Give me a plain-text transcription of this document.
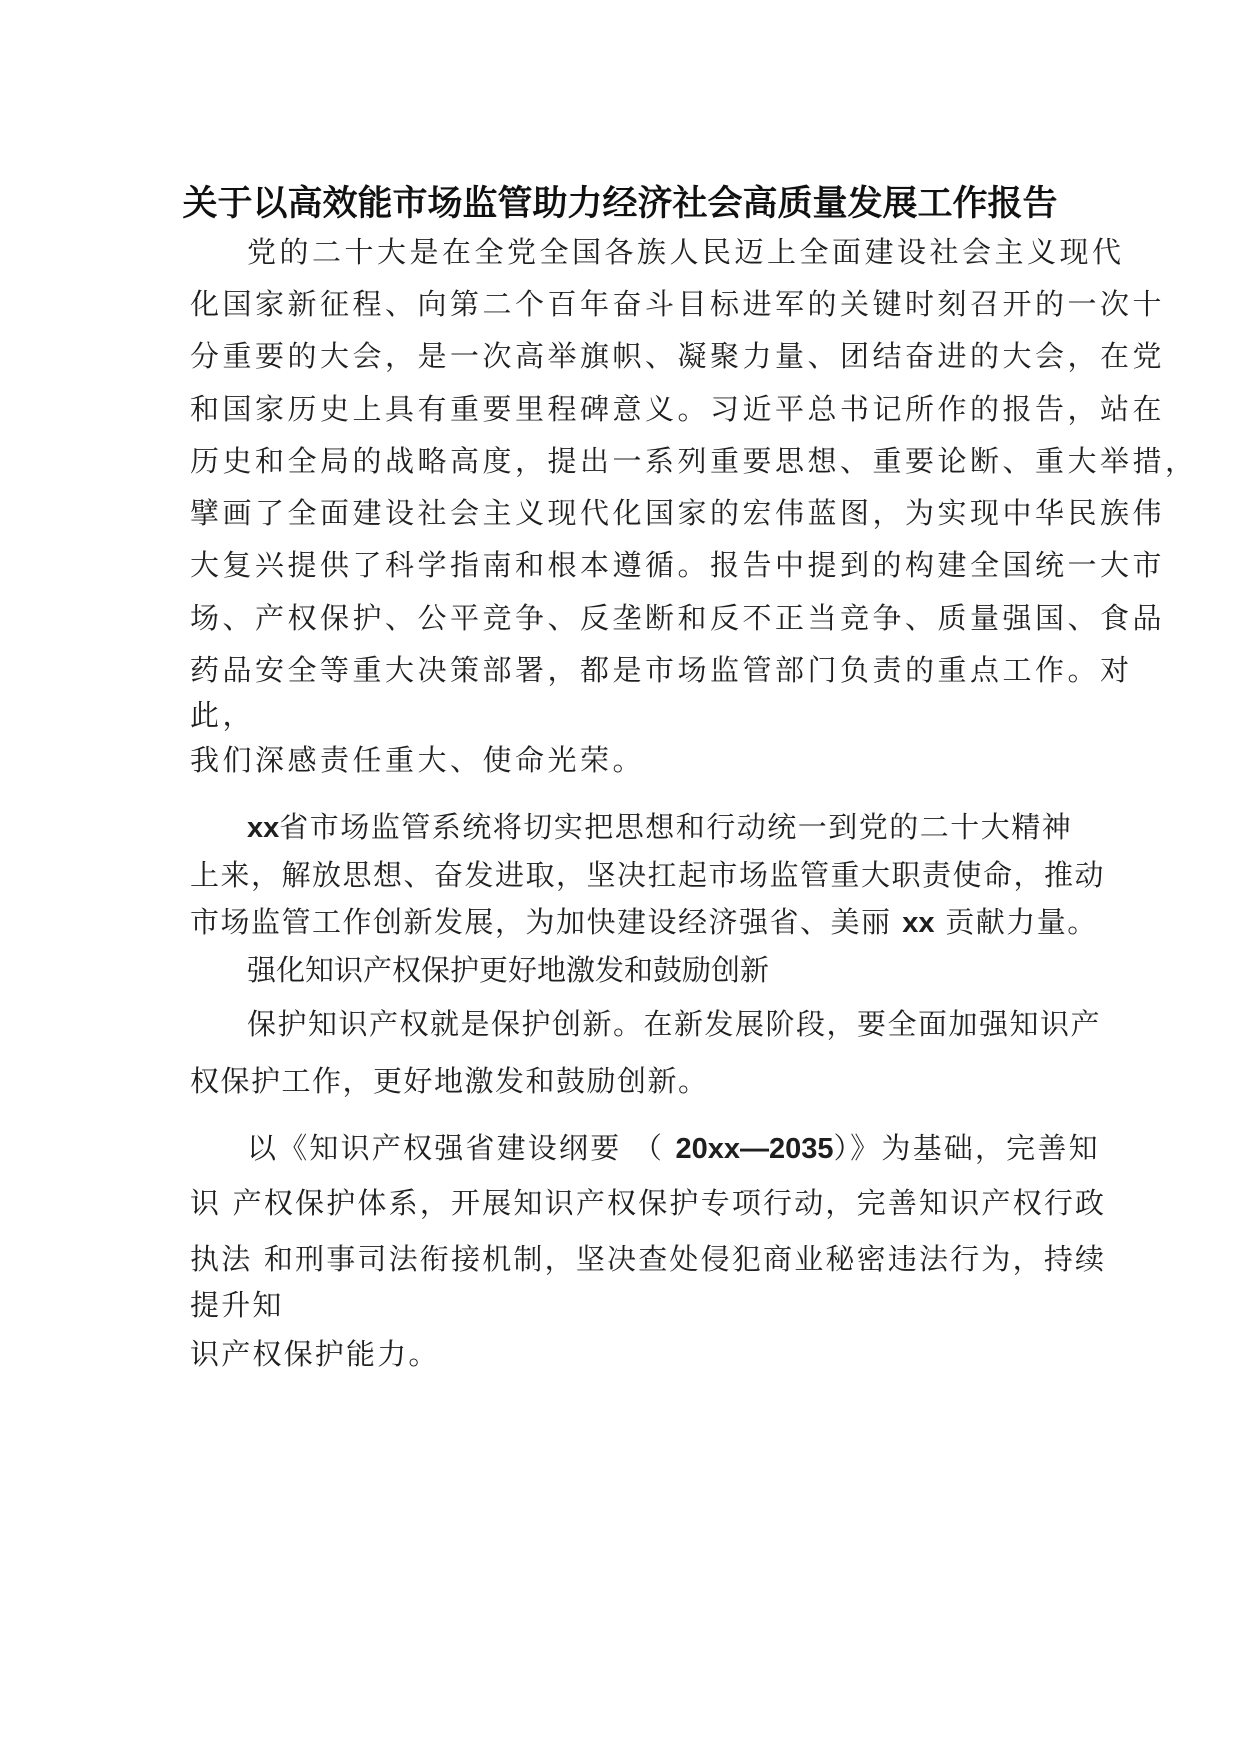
关于以高效能市场监管助力经济社会高质量发展工作报告
党的二十大是在全党全国各族人民迈上全面建设社会主义现代
化国家新征程、向第二个百年奋斗目标进军的关键时刻召开的一次十
分重要的大会，是一次高举旗帜、凝聚力量、团结奋进的大会，在党
和国家历史上具有重要里程碑意义。习近平总书记所作的报告，站在
历史和全局的战略高度，提出一系列重要思想、重要论断、重大举措，
擘画了全面建设社会主义现代化国家的宏伟蓝图，为实现中华民族伟
大复兴提供了科学指南和根本遵循。报告中提到的构建全国统一大市
场、产权保护、公平竞争、反垄断和反不正当竞争、质量强国、食品
药品安全等重大决策部署，都是市场监管部门负责的重点工作。对
此，
我们深感责任重大、使命光荣。
xx省市场监管系统将切实把思想和行动统一到党的二十大精神
上来，解放思想、奋发进取，坚决扛起市场监管重大职责使命，推动
市场监管工作创新发展，为加快建设经济强省、美丽 xx 贡献力量。
强化知识产权保护更好地激发和鼓励创新
保护知识产权就是保护创新。在新发展阶段，要全面加强知识产
权保护工作，更好地激发和鼓励创新。
以《知识产权强省建设纲要 （ 20xx—2035）》为基础，完善知
识 产权保护体系，开展知识产权保护专项行动，完善知识产权行政
执法 和刑事司法衔接机制，坚决查处侵犯商业秘密违法行为，持续
提升知
识产权保护能力。
